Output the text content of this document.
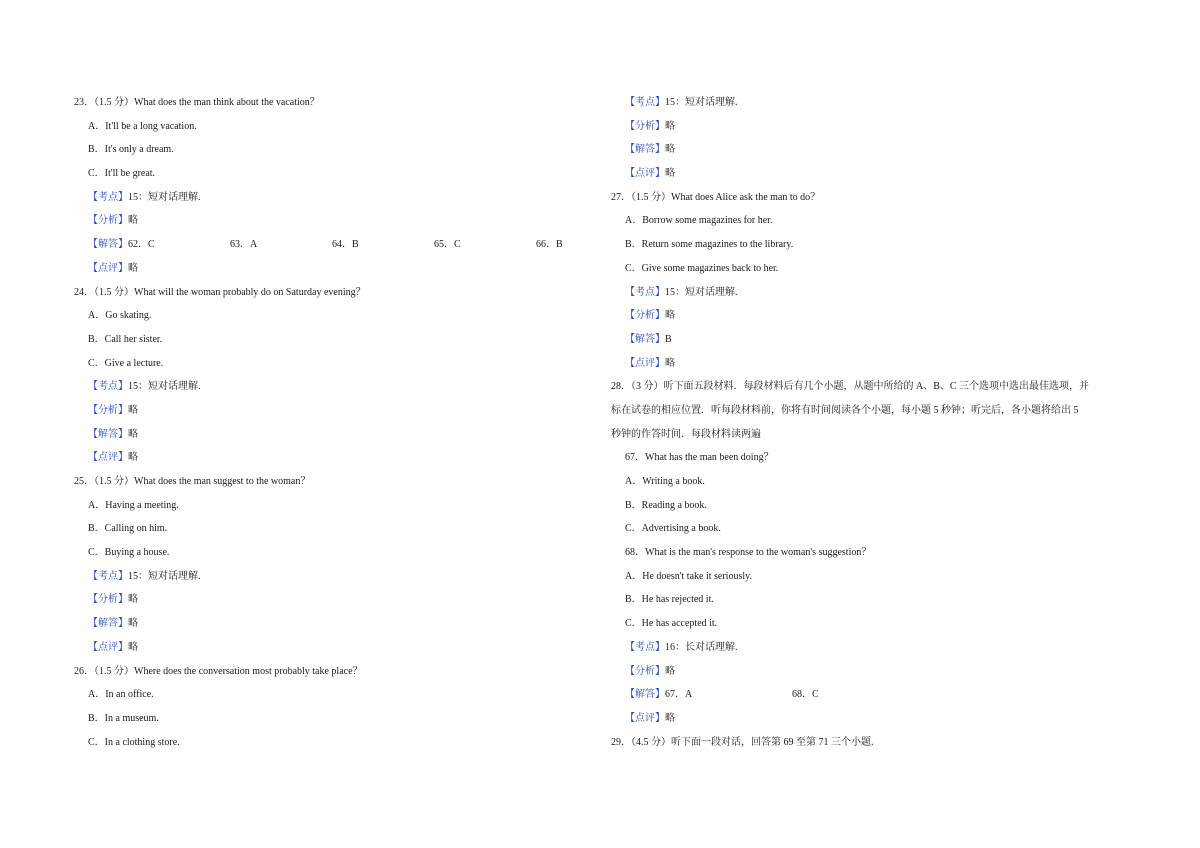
23．（1.5 分）What does the man think about the vacation？
A．It'll be a long vacation.
B．It's only a dream.
C．It'll be great.
【考点】15：短对话理解.
【分析】略
【解答】62．C	63．A	64．B	65．C	66．B
【点评】略
24．（1.5 分）What will the woman probably do on Saturday evening？
A．Go skating.
B．Call her sister.
C．Give a lecture.
【考点】15：短对话理解.
【分析】略
【解答】略
【点评】略
25．（1.5 分）What does the man suggest to the woman？
A．Having a meeting.
B．Calling on him.
C．Buying a house.
【考点】15：短对话理解.
【分析】略
【解答】略
【点评】略
26．（1.5 分）Where does the conversation most probably take place？
A．In an office.
B．In a museum.
C．In a clothing store.
【考点】15：短对话理解.
【分析】略
【解答】略
【点评】略
27．（1.5 分）What does Alice ask the man to do？
A．Borrow some magazines for her.
B．Return some magazines to the library.
C．Give some magazines back to her.
【考点】15：短对话理解.
【分析】略
【解答】B
【点评】略
28．（3 分）听下面五段材料．每段材料后有几个小题，从题中所给的 A、B、C 三个选项中选出最佳选项，并
标在试卷的相应位置．听每段材料前，你将有时间阅读各个小题，每小题 5 秒钟；听完后，各小题将给出 5
秒钟的作答时间．每段材料读两遍
67．What has the man been doing？
A．Writing a book.
B．Reading a book.
C．Advertising a book.
68．What is the man's response to the woman's suggestion？
A．He doesn't take it seriously.
B．He has rejected it.
C．He has accepted it.
【考点】16：长对话理解.
【分析】略
【解答】67．A	68．C
【点评】略
29．（4.5 分）听下面一段对话，回答第 69 至第 71 三个小题.
